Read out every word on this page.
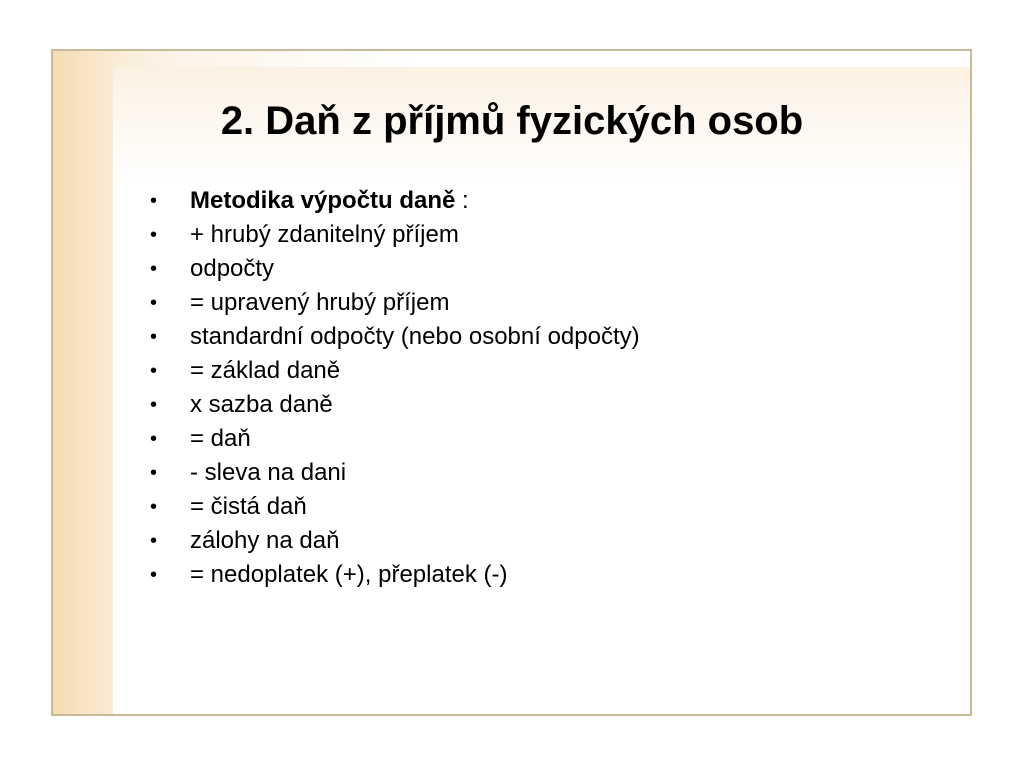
2. Daň z příjmů fyzických osob
• Metodika výpočtu daně :
• + hrubý zdanitelný příjem
• odpočty
• = upravený hrubý příjem
• standardní odpočty (nebo osobní odpočty)
• = základ daně
• x sazba daně
• = daň
• - sleva na dani
• = čistá daň
• zálohy na daň
• = nedoplatek (+), přeplatek (-)
